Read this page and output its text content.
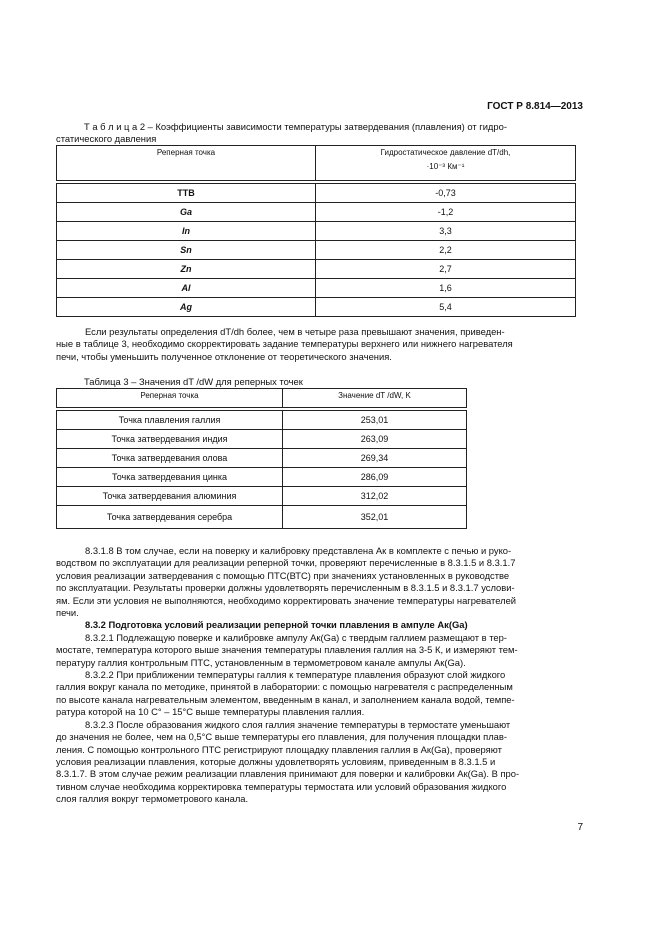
ГОСТ Р 8.814—2013
Т а б л и ц а 2 – Коэффициенты зависимости температуры затвердевания (плавления) от гидро-
статического давления
Реперная точка	Гидростатическое давление dT/dh,
·10⁻³ Км⁻¹

ТТВ	-0,73
Ga	-1,2
In	3,3
Sn	2,2
Zn	2,7
Al	1,6
Ag	5,4
Если результаты определения dT/dh более, чем в четыре раза превышают значения, приведен-
ные в таблице 3, необходимо скорректировать задание температуры верхнего или нижнего нагревателя
печи, чтобы уменьшить полученное отклонение от теоретического значения.
Таблица 3 – Значения dT /dW для реперных точек
Реперная точка	Значение dT /dW, K

Точка плавления галлия	253,01
Точка затвердевания индия	263,09
Точка затвердевания олова	269,34
Точка затвердевания цинка	286,09
Точка затвердевания алюминия	312,02
Точка затвердевания серебра	352,01
8.3.1.8 В том случае, если на поверку и калибровку представлена Ак в комплекте с печью и руко-
водством по эксплуатации для реализации реперной точки, проверяют перечисленные в 8.3.1.5 и 8.3.1.7
условия реализации затвердевания с помощью ПТС(ВТС) при значениях установленных в руководстве
по эксплуатации. Результаты проверки должны удовлетворять перечисленным в 8.3.1.5 и 8.3.1.7 услови-
ям. Если эти условия не выполняются, необходимо корректировать значение температуры нагревателей
печи.
8.3.2 Подготовка условий реализации реперной точки плавления в ампуле Ак(Ga)
8.3.2.1 Подлежащую поверке и калибровке ампулу Ак(Ga) с твердым галлием размещают в тер-
мостате, температура которого выше значения температуры плавления галлия на 3-5 К, и измеряют тем-
пературу галлия контрольным ПТС, установленным в термометровом канале ампулы Ак(Ga).
8.3.2.2 При приближении температуры галлия к температуре плавления образуют слой жидкого
галлия вокруг канала по методике, принятой в лаборатории: с помощью нагревателя с распределенным
по высоте канала нагревательным элементом, введенным в канал, и заполнением канала водой, темпе-
ратура которой на 10 С° – 15°С выше температуры плавления галлия.
8.3.2.3 После образования жидкого слоя галлия значение температуры в термостате уменьшают
до значения не более, чем на 0,5°С выше температуры его плавления, для получения площадки плав-
ления. С помощью контрольного ПТС регистрируют площадку плавления галлия в Ак(Ga), проверяют
условия реализации плавления, которые должны удовлетворять условиям, приведенным в 8.3.1.5 и
8.3.1.7. В этом случае режим реализации плавления принимают для поверки и калибровки Ак(Ga). В про-
тивном случае необходима корректировка температуры термостата или условий образования жидкого
слоя галлия вокруг термометрового канала.
7
